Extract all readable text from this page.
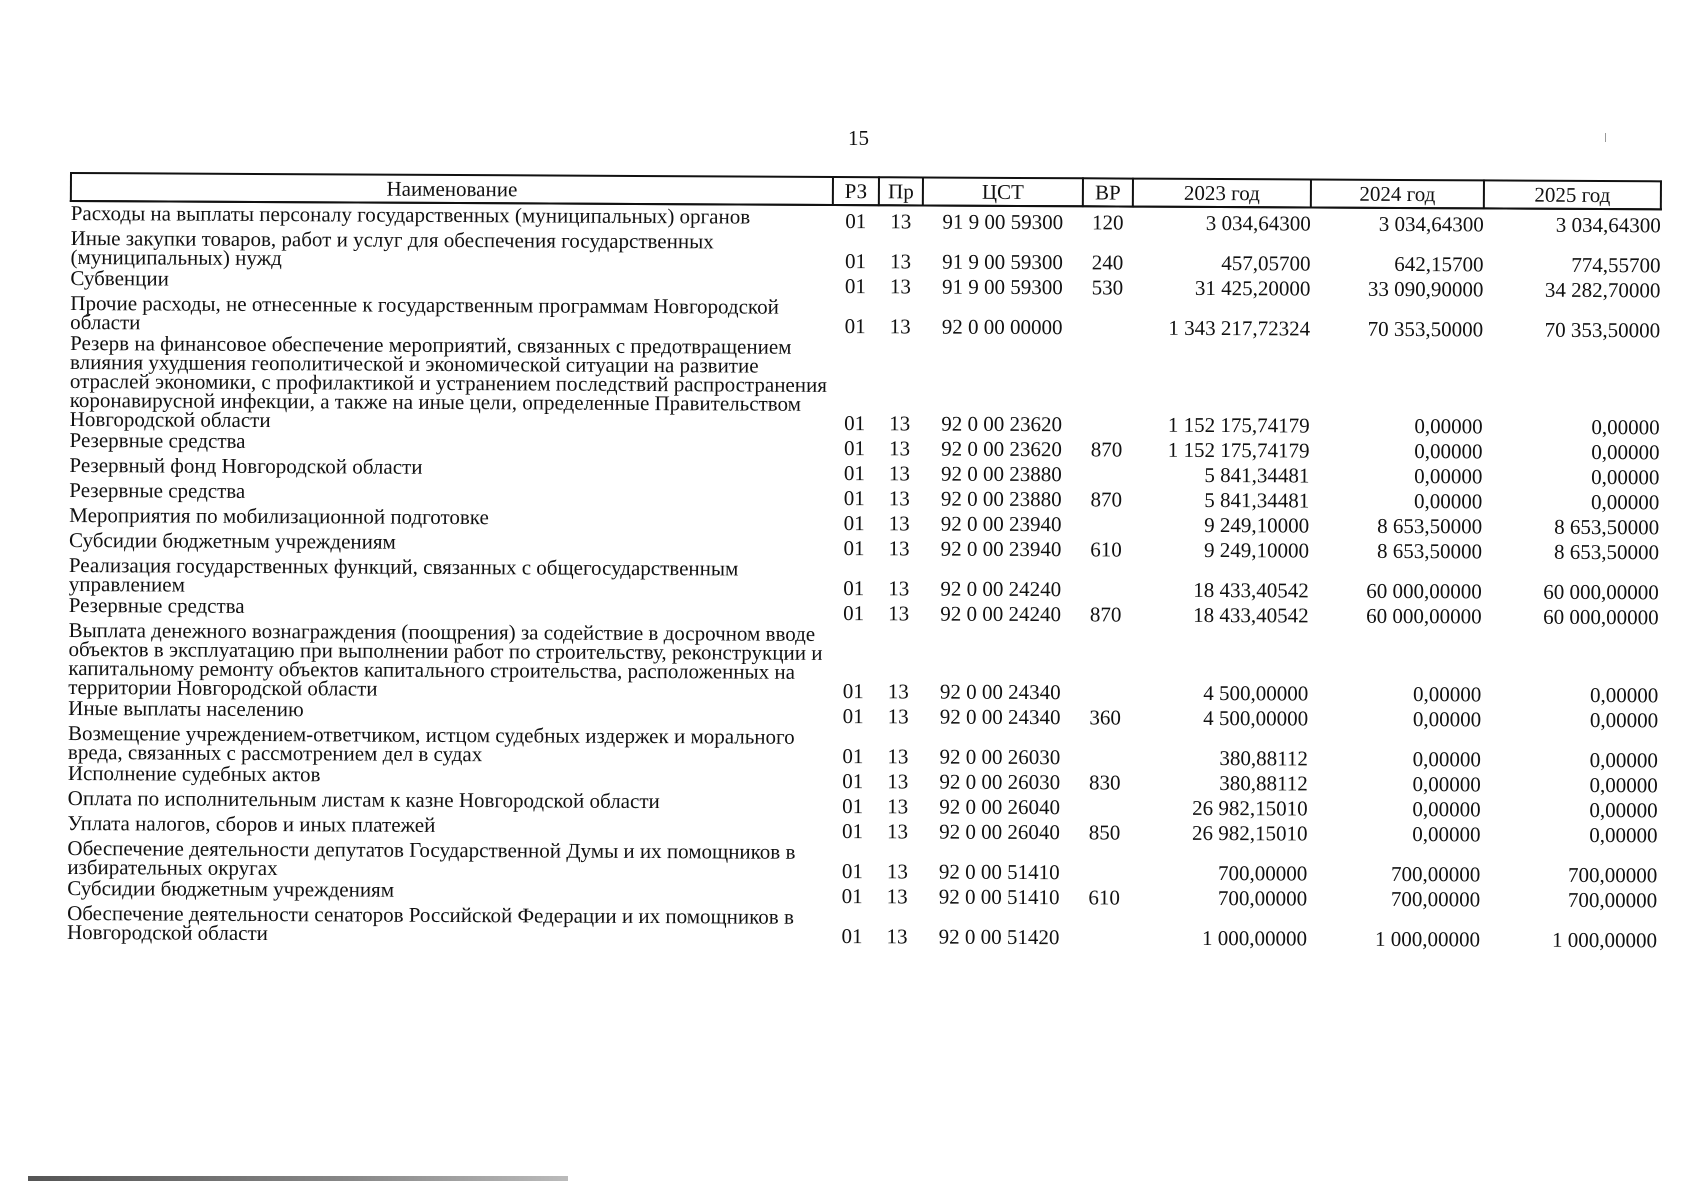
15
Наименование	РЗ	Пр	ЦСТ	ВР	2023 год	2024 год	2025 год
Расходы на выплаты персоналу государственных (муниципальных) органов	01	13	91 9 00 59300	120	3 034,64300	3 034,64300	3 034,64300
Иные закупки товаров, работ и услуг для обеспечения государственных (муниципальных) нужд	01	13	91 9 00 59300	240	457,05700	642,15700	774,55700
Субвенции	01	13	91 9 00 59300	530	31 425,20000	33 090,90000	34 282,70000
Прочие расходы, не отнесенные к государственным программам Новгородской области	01	13	92 0 00 00000		1 343 217,72324	70 353,50000	70 353,50000
Резерв на финансовое обеспечение мероприятий, связанных с предотвращением влияния ухудшения геополитической и экономической ситуации на развитие отраслей экономики, с профилактикой и устранением последствий распространения коронавирусной инфекции, а также на иные цели, определенные Правительством Новгородской области	01	13	92 0 00 23620		1 152 175,74179	0,00000	0,00000
Резервные средства	01	13	92 0 00 23620	870	1 152 175,74179	0,00000	0,00000
Резервный фонд Новгородской области	01	13	92 0 00 23880		5 841,34481	0,00000	0,00000
Резервные средства	01	13	92 0 00 23880	870	5 841,34481	0,00000	0,00000
Мероприятия по мобилизационной подготовке	01	13	92 0 00 23940		9 249,10000	8 653,50000	8 653,50000
Субсидии бюджетным учреждениям	01	13	92 0 00 23940	610	9 249,10000	8 653,50000	8 653,50000
Реализация государственных функций, связанных с общегосударственным управлением	01	13	92 0 00 24240		18 433,40542	60 000,00000	60 000,00000
Резервные средства	01	13	92 0 00 24240	870	18 433,40542	60 000,00000	60 000,00000
Выплата денежного вознаграждения (поощрения) за содействие в досрочном вводе объектов в эксплуатацию при выполнении работ по строительству, реконструкции и капитальному ремонту объектов капитального строительства, расположенных на территории Новгородской области	01	13	92 0 00 24340		4 500,00000	0,00000	0,00000
Иные выплаты населению	01	13	92 0 00 24340	360	4 500,00000	0,00000	0,00000
Возмещение учреждением-ответчиком, истцом судебных издержек и морального вреда, связанных с рассмотрением дел в судах	01	13	92 0 00 26030		380,88112	0,00000	0,00000
Исполнение судебных актов	01	13	92 0 00 26030	830	380,88112	0,00000	0,00000
Оплата по исполнительным листам к казне Новгородской области	01	13	92 0 00 26040		26 982,15010	0,00000	0,00000
Уплата налогов, сборов и иных платежей	01	13	92 0 00 26040	850	26 982,15010	0,00000	0,00000
Обеспечение деятельности депутатов Государственной Думы и их помощников в избирательных округах	01	13	92 0 00 51410		700,00000	700,00000	700,00000
Субсидии бюджетным учреждениям	01	13	92 0 00 51410	610	700,00000	700,00000	700,00000
Обеспечение деятельности сенаторов Российской Федерации и их помощников в Новгородской области	01	13	92 0 00 51420		1 000,00000	1 000,00000	1 000,00000
